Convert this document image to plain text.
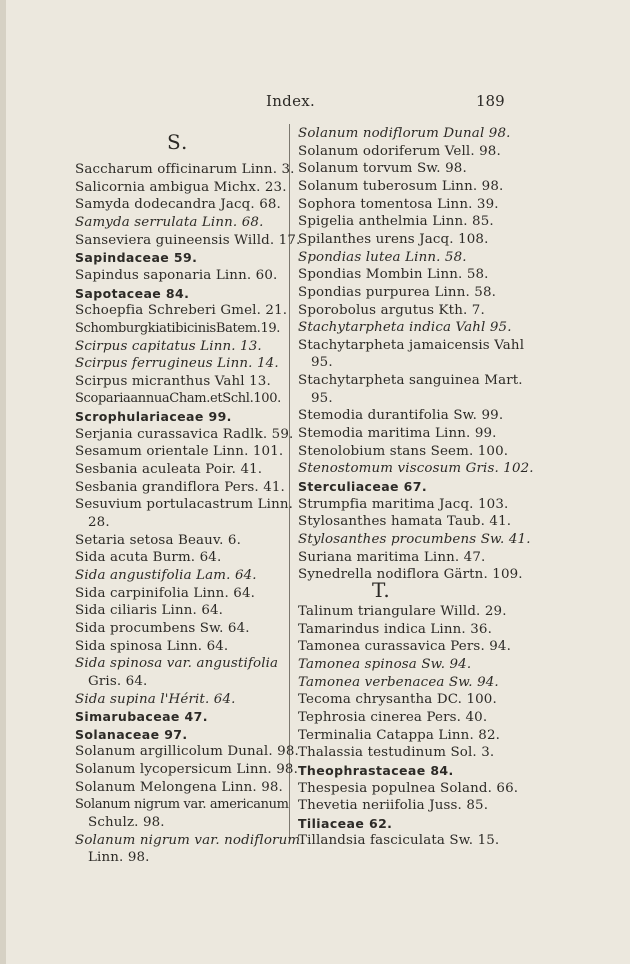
Index.	189
S.
Saccharum officinarum Linn. 3.
Salicornia ambigua Michx. 23.
Samyda dodecandra Jacq. 68.
Samyda serrulata Linn. 68.
Sanseviera guineensis Willd. 17.
Sapindaceae 59.
Sapindus saponaria Linn. 60.
Sapotaceae 84.
Schoepfia Schreberi Gmel. 21.
SchomburgkiatibicinisBatem.19.
Scirpus capitatus Linn. 13.
Scirpus ferrugineus Linn. 14.
Scirpus micranthus Vahl 13.
ScopariaannuaCham.etSchl.100.
Scrophulariaceae 99.
Serjania curassavica Radlk. 59.
Sesamum orientale Linn. 101.
Sesbania aculeata Poir. 41.
Sesbania grandiflora Pers. 41.
Sesuvium portulacastrum Linn.
28.
Setaria setosa Beauv. 6.
Sida acuta Burm. 64.
Sida angustifolia Lam. 64.
Sida carpinifolia Linn. 64.
Sida ciliaris Linn. 64.
Sida procumbens Sw. 64.
Sida spinosa Linn. 64.
Sida spinosa var. angustifolia
Gris. 64.
Sida supina l'Hérit. 64.
Simarubaceae 47.
Solanaceae 97.
Solanum argillicolum Dunal. 98.
Solanum lycopersicum Linn. 98.
Solanum Melongena Linn. 98.
Solanum nigrum var. americanum
Schulz. 98.
Solanum nigrum var. nodiflorum
Linn. 98.
Solanum nodiflorum Dunal 98.
Solanum odoriferum Vell. 98.
Solanum torvum Sw. 98.
Solanum tuberosum Linn. 98.
Sophora tomentosa Linn. 39.
Spigelia anthelmia Linn. 85.
Spilanthes urens Jacq. 108.
Spondias lutea Linn. 58.
Spondias Mombin Linn. 58.
Spondias purpurea Linn. 58.
Sporobolus argutus Kth. 7.
Stachytarpheta indica Vahl 95.
Stachytarpheta jamaicensis Vahl
95.
Stachytarpheta sanguinea Mart.
95.
Stemodia durantifolia Sw. 99.
Stemodia maritima Linn. 99.
Stenolobium stans Seem. 100.
Stenostomum viscosum Gris. 102.
Sterculiaceae 67.
Strumpfia maritima Jacq. 103.
Stylosanthes hamata Taub. 41.
Stylosanthes procumbens Sw. 41.
Suriana maritima Linn. 47.
Synedrella nodiflora Gärtn. 109.
T.
Talinum triangulare Willd. 29.
Tamarindus indica Linn. 36.
Tamonea curassavica Pers. 94.
Tamonea spinosa Sw. 94.
Tamonea verbenacea Sw. 94.
Tecoma chrysantha DC. 100.
Tephrosia cinerea Pers. 40.
Terminalia Catappa Linn. 82.
Thalassia testudinum Sol. 3.
Theophrastaceae 84.
Thespesia populnea Soland. 66.
Thevetia neriifolia Juss. 85.
Tiliaceae 62.
Tillandsia fasciculata Sw. 15.
